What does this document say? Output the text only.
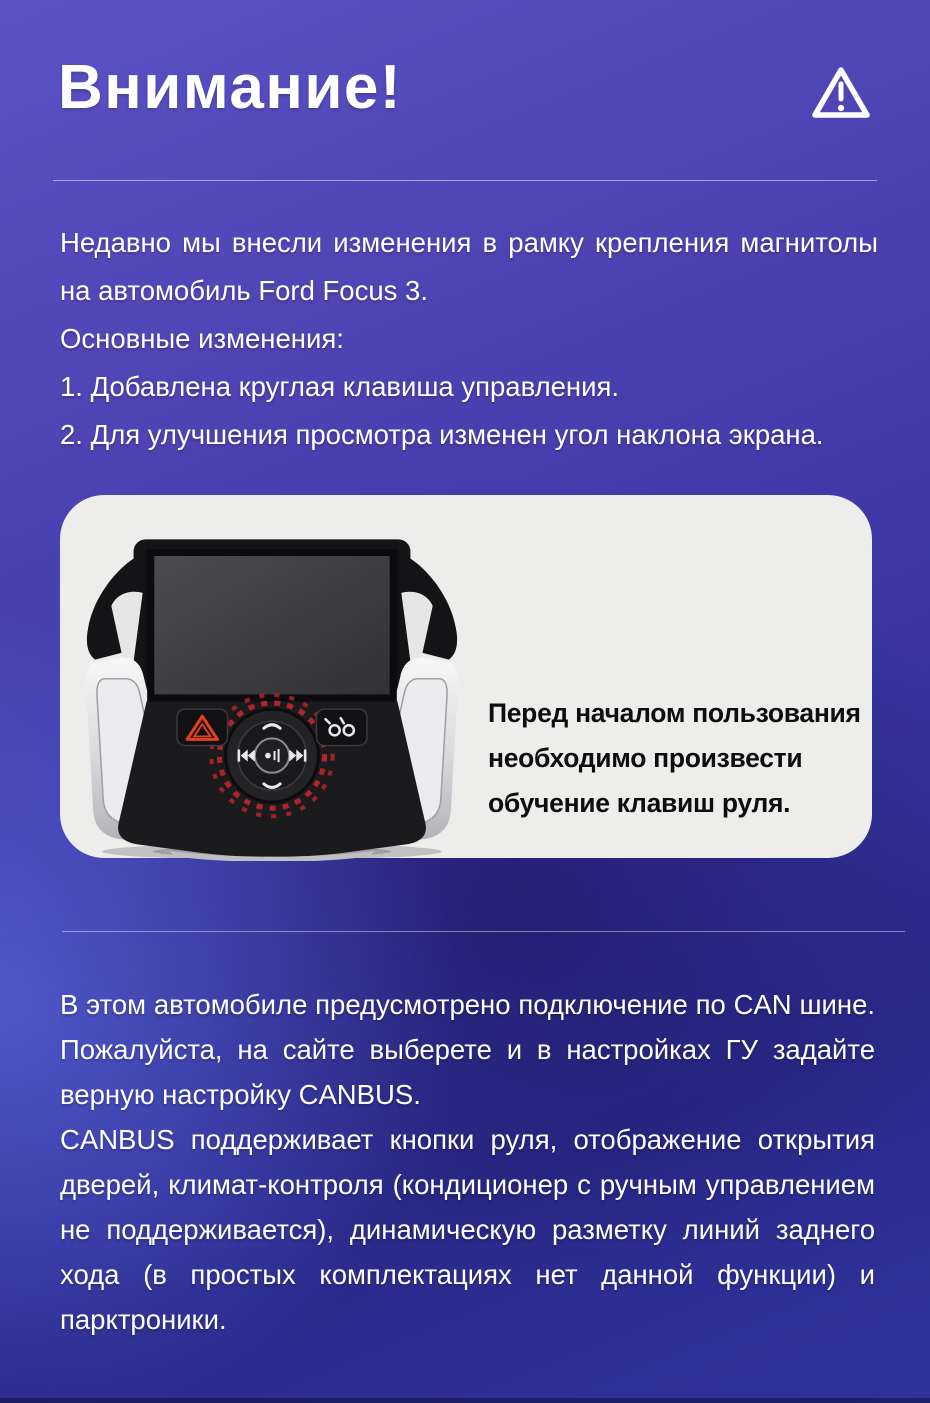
Внимание!

Недавно мы внесли изменения в рамку крепления магнитолы на автомобиль Ford Focus 3.

Основные изменения:

1. Добавлена круглая клавиша управления.

2. Для улучшения просмотра изменен угол наклона экрана.

Перед началом пользования
необходимо произвести
обучение клавиш руля.

В этом автомобиле предусмотрено подключение по CAN шине. Пожалуйста, на сайте выберете и в настройках ГУ задайте верную настройку CANBUS.

CANBUS поддерживает кнопки руля, отображение открытия дверей, климат-контроля (кондиционер с ручным управлением не поддерживается), динамическую разметку линий заднего хода (в простых комплектациях нет данной функции) и парктроники.
